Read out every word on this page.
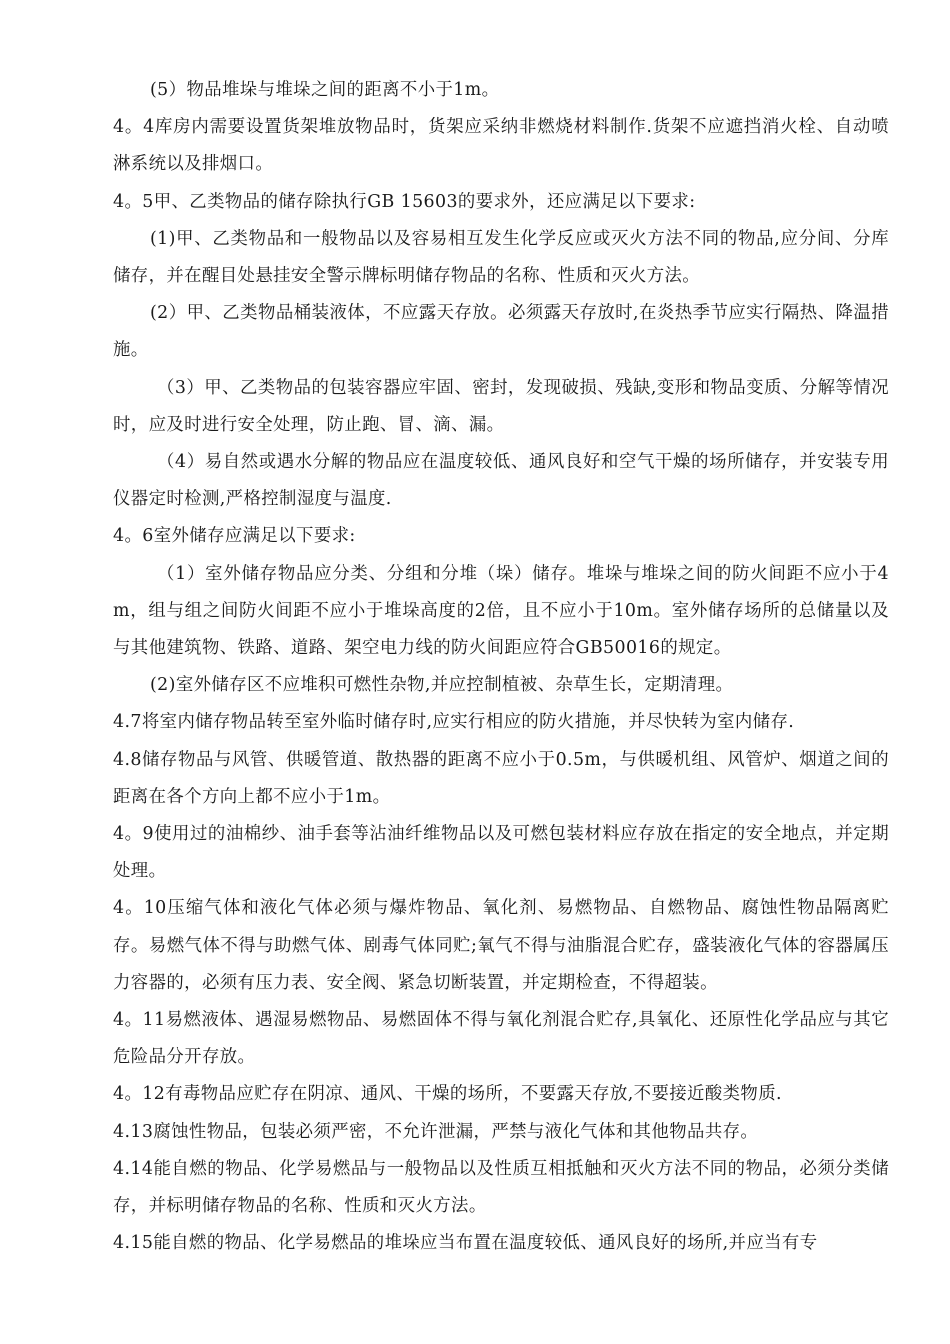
(5）物品堆垛与堆垛之间的距离不小于1m。

4。4库房内需要设置货架堆放物品时，货架应采纳非燃烧材料制作.货架不应遮挡消火栓、自动喷淋系统以及排烟口。

4。5甲、乙类物品的储存除执行GB 15603的要求外，还应满足以下要求:

(1)甲、乙类物品和一般物品以及容易相互发生化学反应或灭火方法不同的物品,应分间、分库储存，并在醒目处悬挂安全警示牌标明储存物品的名称、性质和灭火方法。

(2）甲、乙类物品桶装液体，不应露天存放。必须露天存放时,在炎热季节应实行隔热、降温措施。

（3）甲、乙类物品的包装容器应牢固、密封，发现破损、残缺,变形和物品变质、分解等情况时，应及时进行安全处理，防止跑、冒、滴、漏。

（4）易自然或遇水分解的物品应在温度较低、通风良好和空气干燥的场所储存，并安装专用仪器定时检测,严格控制湿度与温度.

4。6室外储存应满足以下要求:

（1）室外储存物品应分类、分组和分堆（垛）储存。堆垛与堆垛之间的防火间距不应小于4m，组与组之间防火间距不应小于堆垛高度的2倍，且不应小于10m。室外储存场所的总储量以及与其他建筑物、铁路、道路、架空电力线的防火间距应符合GB50016的规定。

(2)室外储存区不应堆积可燃性杂物,并应控制植被、杂草生长，定期清理。

4.7将室内储存物品转至室外临时储存时,应实行相应的防火措施，并尽快转为室内储存.

4.8储存物品与风管、供暖管道、散热器的距离不应小于0.5m，与供暖机组、风管炉、烟道之间的距离在各个方向上都不应小于1m。

4。9使用过的油棉纱、油手套等沾油纤维物品以及可燃包装材料应存放在指定的安全地点，并定期处理。

4。10压缩气体和液化气体必须与爆炸物品、氧化剂、易燃物品、自燃物品、腐蚀性物品隔离贮存。易燃气体不得与助燃气体、剧毒气体同贮;氧气不得与油脂混合贮存，盛装液化气体的容器属压力容器的，必须有压力表、安全阀、紧急切断装置，并定期检查，不得超装。

4。11易燃液体、遇湿易燃物品、易燃固体不得与氧化剂混合贮存,具氧化、还原性化学品应与其它危险品分开存放。

4。12有毒物品应贮存在阴凉、通风、干燥的场所，不要露天存放,不要接近酸类物质.

4.13腐蚀性物品，包装必须严密，不允许泄漏，严禁与液化气体和其他物品共存。

4.14能自燃的物品、化学易燃品与一般物品以及性质互相抵触和灭火方法不同的物品，必须分类储存，并标明储存物品的名称、性质和灭火方法。

4.15能自燃的物品、化学易燃品的堆垛应当布置在温度较低、通风良好的场所,并应当有专
